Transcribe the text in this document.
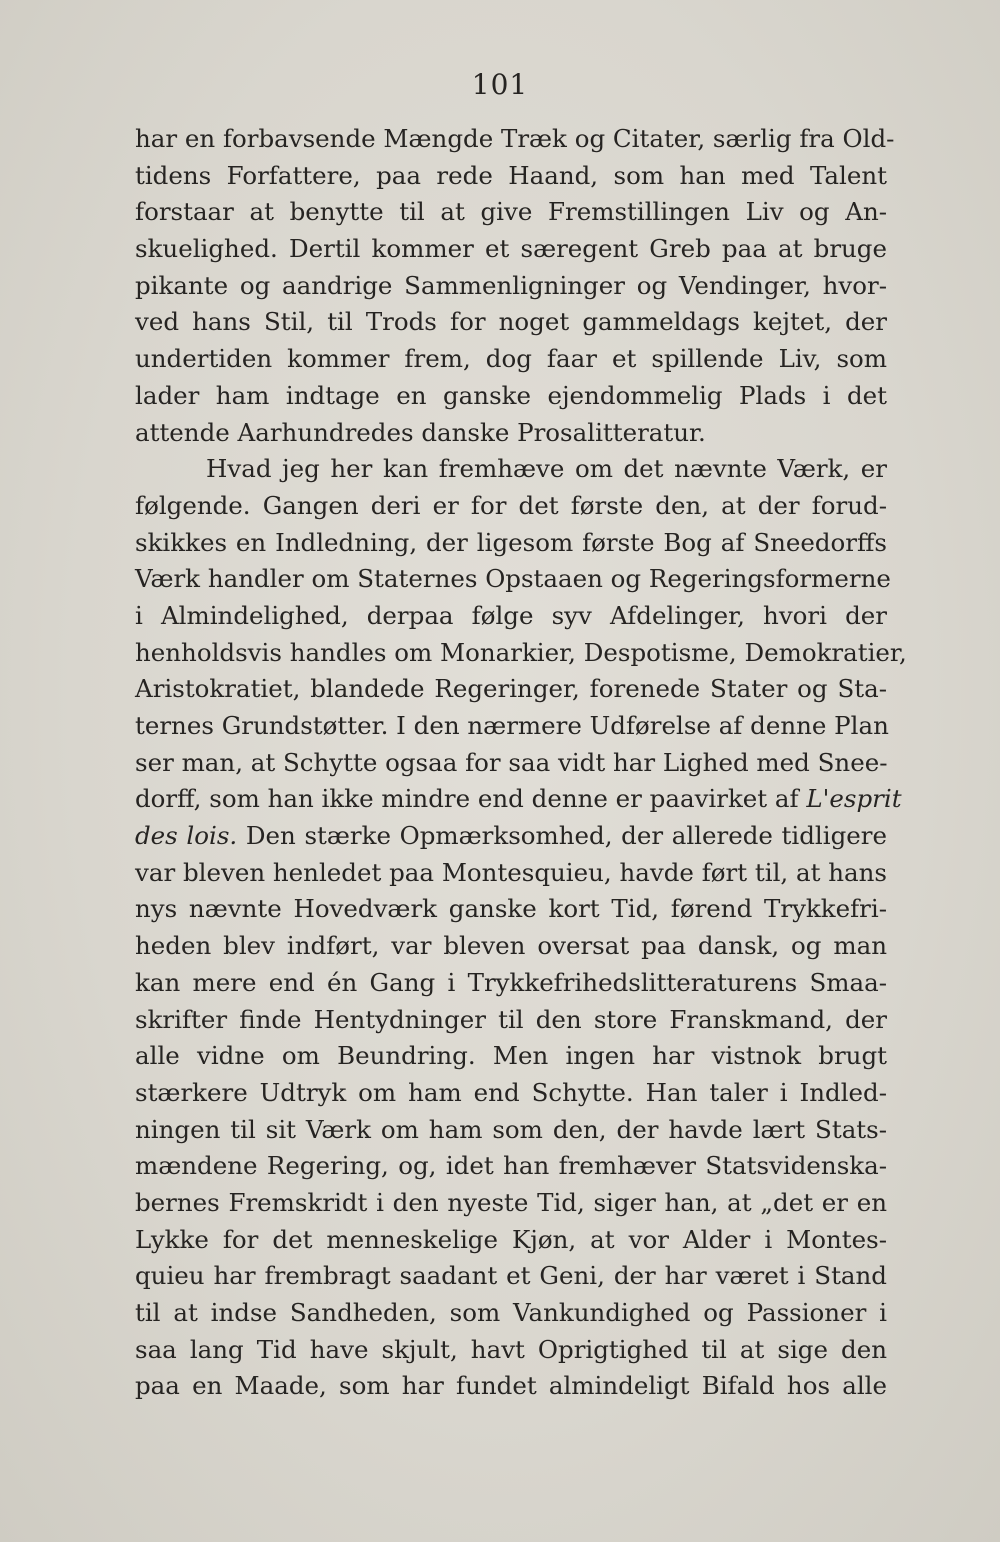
101
har en forbavsende Mængde Træk og Citater, særlig fra Old-
tidens Forfattere, paa rede Haand, som han med Talent
forstaar at benytte til at give Fremstillingen Liv og An-
skuelighed. Dertil kommer et særegent Greb paa at bruge
pikante og aandrige Sammenligninger og Vendinger, hvor-
ved hans Stil, til Trods for noget gammeldags kejtet, der
undertiden kommer frem, dog faar et spillende Liv, som
lader ham indtage en ganske ejendommelig Plads i det
attende Aarhundredes danske Prosalitteratur.
Hvad jeg her kan fremhæve om det nævnte Værk, er
følgende. Gangen deri er for det første den, at der forud-
skikkes en Indledning, der ligesom første Bog af Sneedorffs
Værk handler om Staternes Opstaaen og Regeringsformerne
i Almindelighed, derpaa følge syv Afdelinger, hvori der
henholdsvis handles om Monarkier, Despotisme, Demokratier,
Aristokratiet, blandede Regeringer, forenede Stater og Sta-
ternes Grundstøtter. I den nærmere Udførelse af denne Plan
ser man, at Schytte ogsaa for saa vidt har Lighed med Snee-
dorff, som han ikke mindre end denne er paavirket af L'esprit
des lois. Den stærke Opmærksomhed, der allerede tidligere
var bleven henledet paa Montesquieu, havde ført til, at hans
nys nævnte Hovedværk ganske kort Tid, førend Trykkefri-
heden blev indført, var bleven oversat paa dansk, og man
kan mere end én Gang i Trykkefrihedslitteraturens Smaa-
skrifter finde Hentydninger til den store Franskmand, der
alle vidne om Beundring. Men ingen har vistnok brugt
stærkere Udtryk om ham end Schytte. Han taler i Indled-
ningen til sit Værk om ham som den, der havde lært Stats-
mændene Regering, og, idet han fremhæver Statsvidenska-
bernes Fremskridt i den nyeste Tid, siger han, at „det er en
Lykke for det menneskelige Kjøn, at vor Alder i Montes-
quieu har frembragt saadant et Geni, der har været i Stand
til at indse Sandheden, som Vankundighed og Passioner i
saa lang Tid have skjult, havt Oprigtighed til at sige den
paa en Maade, som har fundet almindeligt Bifald hos alle
